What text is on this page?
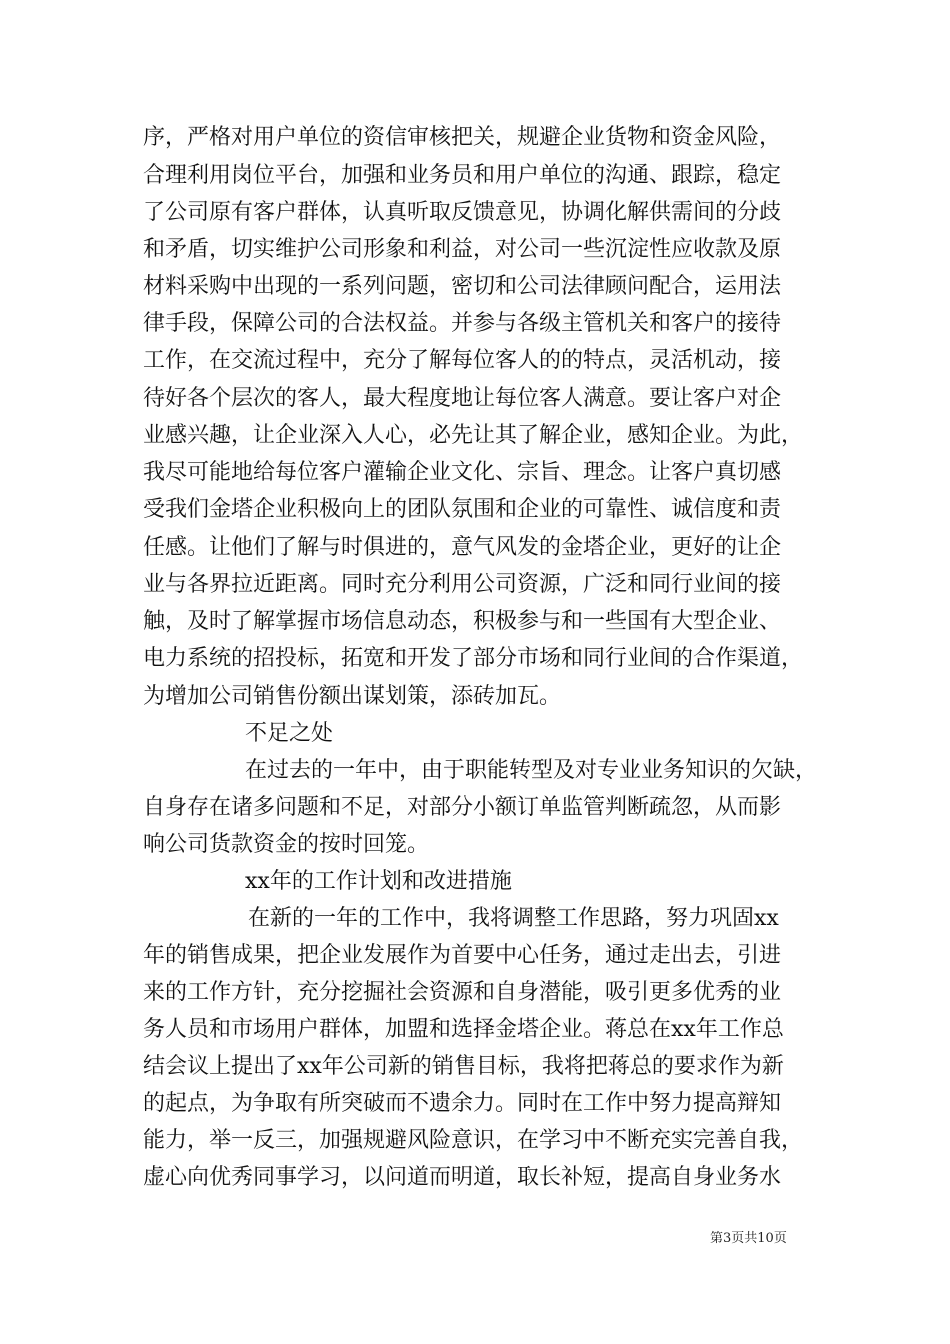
序，严格对用户单位的资信审核把关，规避企业货物和资金风险，
合理利用岗位平台，加强和业务员和用户单位的沟通、跟踪，稳定
了公司原有客户群体，认真听取反馈意见，协调化解供需间的分歧
和矛盾，切实维护公司形象和利益，对公司一些沉淀性应收款及原
材料采购中出现的一系列问题，密切和公司法律顾问配合，运用法
律手段，保障公司的合法权益。并参与各级主管机关和客户的接待
工作，在交流过程中，充分了解每位客人的的特点，灵活机动，接
待好各个层次的客人，最大程度地让每位客人满意。要让客户对企
业感兴趣，让企业深入人心，必先让其了解企业，感知企业。为此，
我尽可能地给每位客户灌输企业文化、宗旨、理念。让客户真切感
受我们金塔企业积极向上的团队氛围和企业的可靠性、诚信度和责
任感。让他们了解与时俱进的，意气风发的金塔企业，更好的让企
业与各界拉近距离。同时充分利用公司资源，广泛和同行业间的接
触，及时了解掌握市场信息动态，积极参与和一些国有大型企业、
电力系统的招投标，拓宽和开发了部分市场和同行业间的合作渠道，
为增加公司销售份额出谋划策，添砖加瓦。
不足之处
在过去的一年中，由于职能转型及对专业业务知识的欠缺，
自身存在诸多问题和不足，对部分小额订单监管判断疏忽，从而影
响公司货款资金的按时回笼。
xx年的工作计划和改进措施
在新的一年的工作中，我将调整工作思路，努力巩固xx
年的销售成果，把企业发展作为首要中心任务，通过走出去，引进
来的工作方针，充分挖掘社会资源和自身潜能，吸引更多优秀的业
务人员和市场用户群体，加盟和选择金塔企业。蒋总在xx年工作总
结会议上提出了xx年公司新的销售目标，我将把蒋总的要求作为新
的起点，为争取有所突破而不遗余力。同时在工作中努力提高辩知
能力，举一反三，加强规避风险意识，在学习中不断充实完善自我，
虚心向优秀同事学习，以问道而明道，取长补短，提高自身业务水
第3页共10页
